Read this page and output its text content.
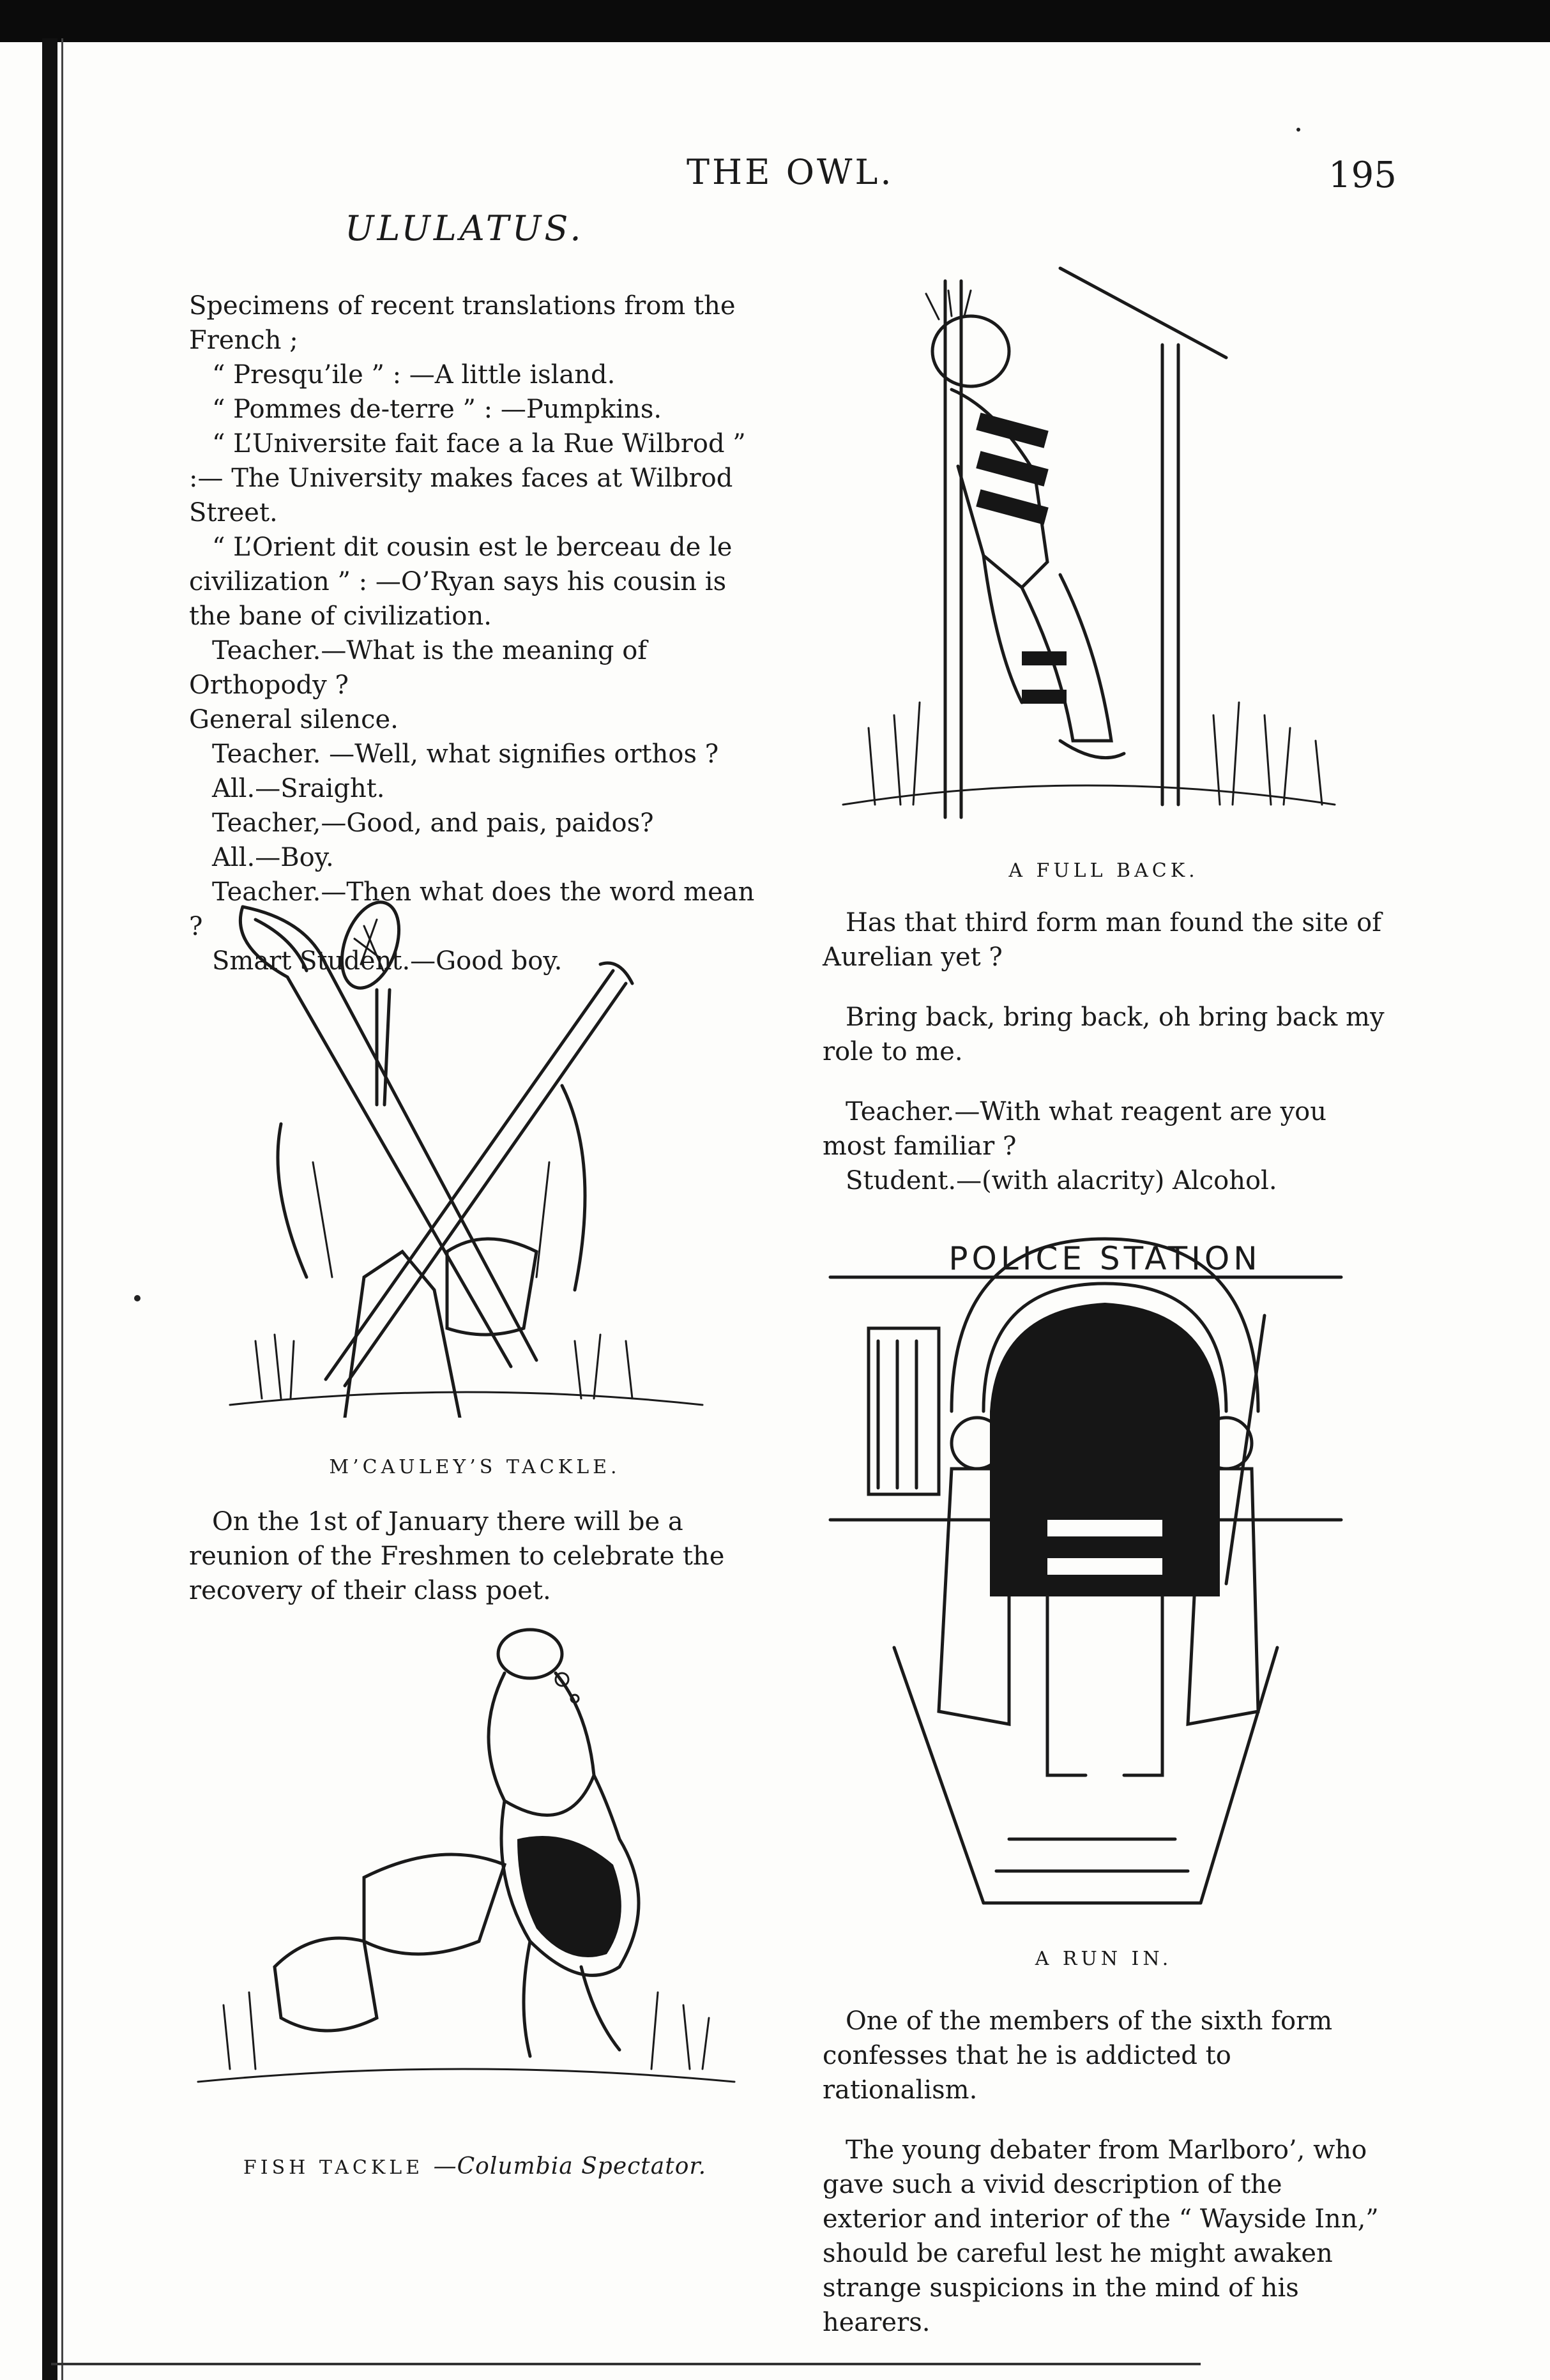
THE OWL.	195
ULULATUS.

Specimens of recent translations from the French ;

“ Presqu’ile ” : —A little island.

“ Pommes de-terre ” : —Pumpkins.

“ L’Universite fait face a la Rue Wilbrod ” :— The University makes faces at Wilbrod Street.

“ L’Orient dit cousin est le berceau de le civilization ” : —O’Ryan says his cousin is the bane of civilization.

Teacher.—What is the meaning of Orthopody ?

General silence.

Teacher. —Well, what signifies orthos ?

All.—Sraight.

Teacher,—Good, and pais, paidos?

All.—Boy.

Teacher.—Then what does the word mean ?

Smart Student.—Good boy.

M’CAULEY’S TACKLE.

On the 1st of January there will be a reunion of the Freshmen to celebrate the recovery of their class poet.

FISH TACKLE —Columbia Spectator.
A FULL BACK.

Has that third form man found the site of Aurelian yet ?

Bring back, bring back, oh bring back my role to me.

Teacher.—With what reagent are you most familiar ?

Student.—(with alacrity) Alcohol.

POLICE STATION
A RUN IN.

One of the members of the sixth form confesses that he is addicted to rationalism.

The young debater from Marlboro’, who gave such a vivid description of the exterior and interior of the “ Wayside Inn,” should be careful lest he might awaken strange suspicions in the mind of his hearers.
